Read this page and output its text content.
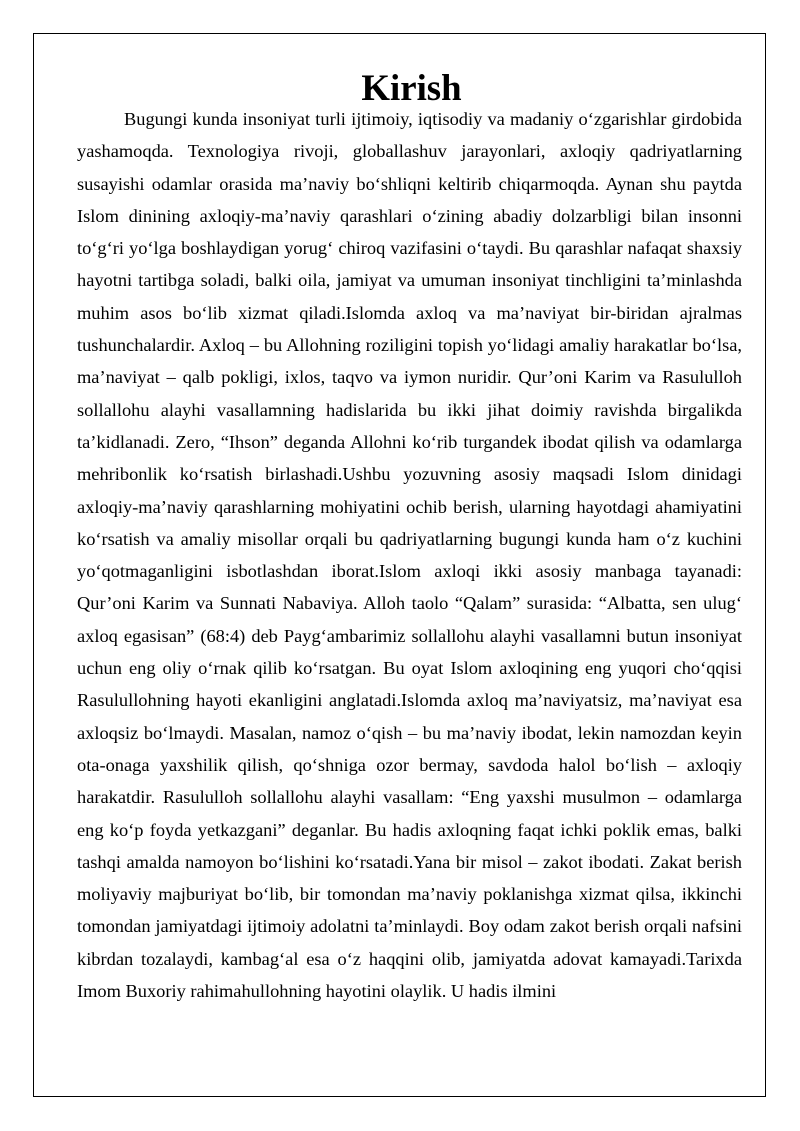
Kirish

Bugungi kunda insoniyat turli ijtimoiy, iqtisodiy va madaniy o‘zgarishlar girdobida yashamoqda. Texnologiya rivoji, globallashuv jarayonlari, axloqiy qadriyatlarning susayishi odamlar orasida ma’naviy bo‘shliqni keltirib chiqarmoqda. Aynan shu paytda Islom dinining axloqiy-ma’naviy qarashlari o‘zining abadiy dolzarbligi bilan insonni to‘g‘ri yo‘lga boshlaydigan yorug‘ chiroq vazifasini o‘taydi. Bu qarashlar nafaqat shaxsiy hayotni tartibga soladi, balki oila, jamiyat va umuman insoniyat tinchligini ta’minlashda muhim asos bo‘lib xizmat qiladi.Islomda axloq va ma’naviyat bir-biridan ajralmas tushunchalardir. Axloq – bu Allohning roziligini topish yo‘lidagi amaliy harakatlar bo‘lsa, ma’naviyat – qalb pokligi, ixlos, taqvo va iymon nuridir. Qur’oni Karim va Rasululloh sollallohu alayhi vasallamning hadislarida bu ikki jihat doimiy ravishda birgalikda ta’kidlanadi. Zero, “Ihson” deganda Allohni ko‘rib turgandek ibodat qilish va odamlarga mehribonlik ko‘rsatish birlashadi.Ushbu yozuvning asosiy maqsadi Islom dinidagi axloqiy-ma’naviy qarashlarning mohiyatini ochib berish, ularning hayotdagi ahamiyatini ko‘rsatish va amaliy misollar orqali bu qadriyatlarning bugungi kunda ham o‘z kuchini yo‘qotmaganligini isbotlashdan iborat.Islom axloqi ikki asosiy manbaga tayanadi: Qur’oni Karim va Sunnati Nabaviya. Alloh taolo “Qalam” surasida: “Albatta, sen ulug‘ axloq egasisan” (68:4) deb Payg‘ambarimiz sollallohu alayhi vasallamni butun insoniyat uchun eng oliy o‘rnak qilib ko‘rsatgan. Bu oyat Islom axloqining eng yuqori cho‘qqisi Rasulullohning hayoti ekanligini anglatadi.Islomda axloq ma’naviyatsiz, ma’naviyat esa axloqsiz bo‘lmaydi. Masalan, namoz o‘qish – bu ma’naviy ibodat, lekin namozdan keyin ota-onaga yaxshilik qilish, qo‘shniga ozor bermay, savdoda halol bo‘lish – axloqiy harakatdir. Rasululloh sollallohu alayhi vasallam: “Eng yaxshi musulmon – odamlarga eng ko‘p foyda yetkazgani” deganlar. Bu hadis axloqning faqat ichki poklik emas, balki tashqi amalda namoyon bo‘lishini ko‘rsatadi.Yana bir misol – zakot ibodati. Zakat berish moliyaviy majburiyat bo‘lib, bir tomondan ma’naviy poklanishga xizmat qilsa, ikkinchi tomondan jamiyatdagi ijtimoiy adolatni ta’minlaydi. Boy odam zakot berish orqali nafsini kibrdan tozalaydi, kambag‘al esa o‘z haqqini olib, jamiyatda adovat kamayadi.Tarixda Imom Buxoriy rahimahullohning hayotini olaylik. U hadis ilmini
